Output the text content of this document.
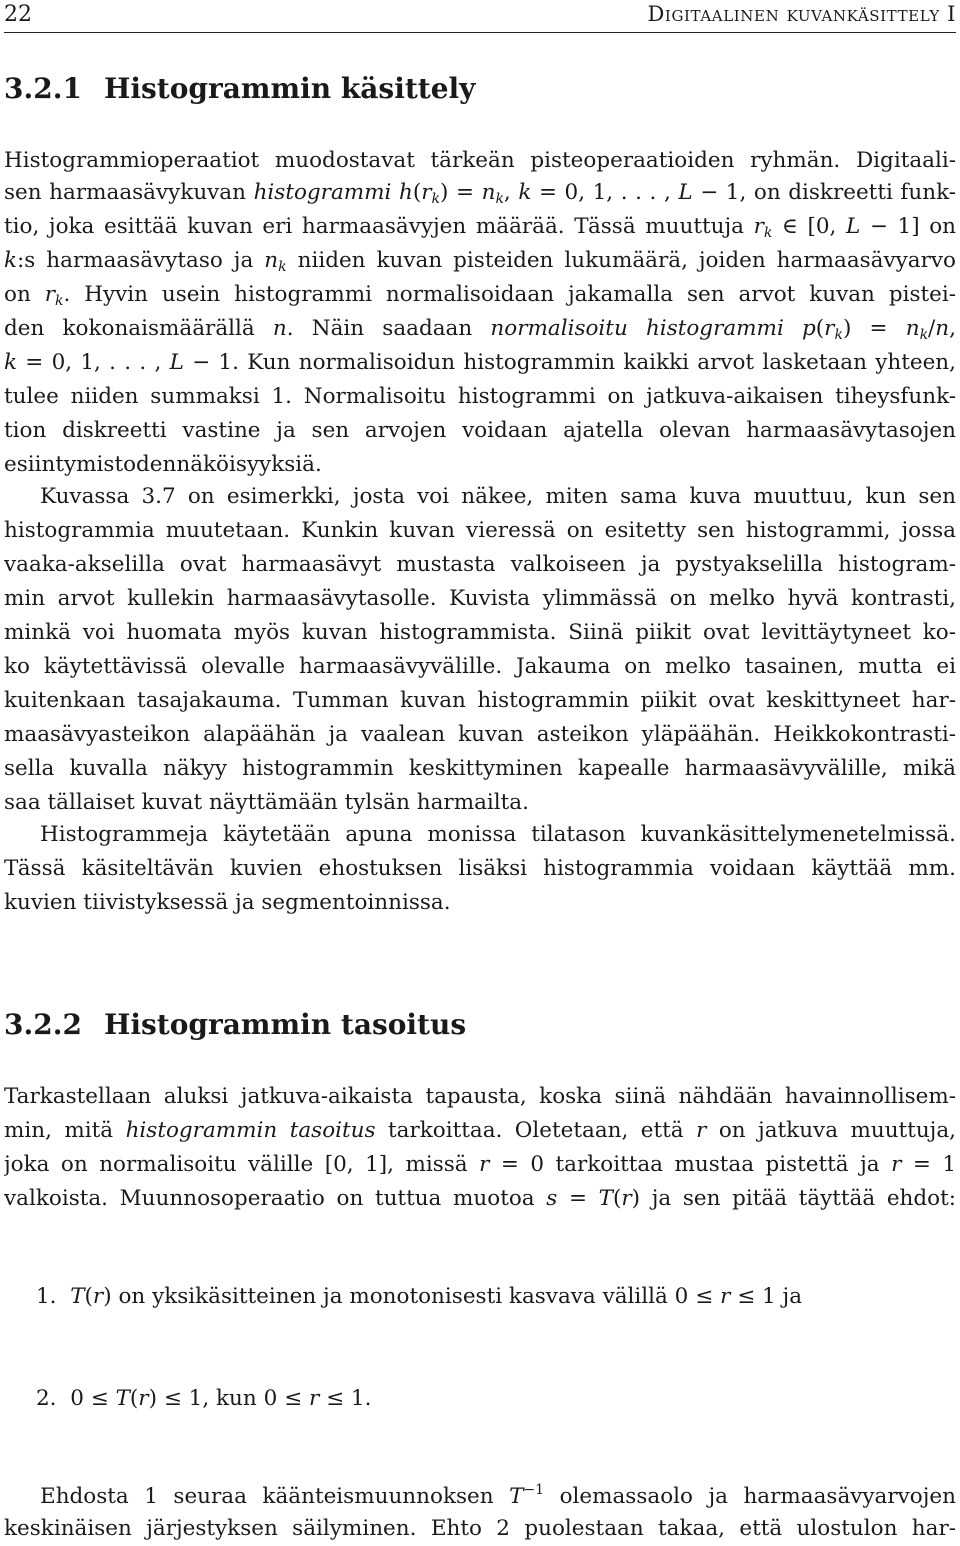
22	Digitaalinen kuvankäsittely I
3.2.1 Histogrammin käsittely
Histogrammioperaatiot muodostavat tärkeän pisteoperaatioiden ryhmän. Digitaali-
sen harmaasävykuvan histogrammi $h(r_k) = n_k$, k = 0, 1, . . . , L − 1, on diskreetti funk-
tio, joka esittää kuvan eri harmaasävyjen määrää. Tässä muuttuja $r_k$ ∈ [0, L − 1] on
k:s harmaasävytaso ja $n_k$ niiden kuvan pisteiden lukumäärä, joiden harmaasävyarvo
on $r_k$. Hyvin usein histogrammi normalisoidaan jakamalla sen arvot kuvan pistei-
den kokonaismäärällä n. Näin saadaan normalisoitu histogrammi $p(r_k) = n_k/n$,
k = 0, 1, . . . , L − 1. Kun normalisoidun histogrammin kaikki arvot lasketaan yhteen,
tulee niiden summaksi 1. Normalisoitu histogrammi on jatkuva-aikaisen tiheysfunk-
tion diskreetti vastine ja sen arvojen voidaan ajatella olevan harmaasävytasojen
esiintymistodennäköisyyksiä.
Kuvassa 3.7 on esimerkki, josta voi näkee, miten sama kuva muuttuu, kun sen
histogrammia muutetaan. Kunkin kuvan vieressä on esitetty sen histogrammi, jossa
vaaka-akselilla ovat harmaasävyt mustasta valkoiseen ja pystyakselilla histogram-
min arvot kullekin harmaasävytasolle. Kuvista ylimmässä on melko hyvä kontrasti,
minkä voi huomata myös kuvan histogrammista. Siinä piikit ovat levittäytyneet ko-
ko käytettävissä olevalle harmaasävyvälille. Jakauma on melko tasainen, mutta ei
kuitenkaan tasajakauma. Tumman kuvan histogrammin piikit ovat keskittyneet har-
maasävyasteikon alapäähän ja vaalean kuvan asteikon yläpäähän. Heikkokontrasti-
sella kuvalla näkyy histogrammin keskittyminen kapealle harmaasävyvälille, mikä
saa tällaiset kuvat näyttämään tylsän harmailta.
Histogrammeja käytetään apuna monissa tilatason kuvankäsittelymenetelmissä.
Tässä käsiteltävän kuvien ehostuksen lisäksi histogrammia voidaan käyttää mm.
kuvien tiivistyksessä ja segmentoinnissa.
3.2.2 Histogrammin tasoitus
Tarkastellaan aluksi jatkuva-aikaista tapausta, koska siinä nähdään havainnollisem-
min, mitä histogrammin tasoitus tarkoittaa. Oletetaan, että r on jatkuva muuttuja,
joka on normalisoitu välille [0, 1], missä r = 0 tarkoittaa mustaa pistettä ja r = 1
valkoista. Muunnosoperaatio on tuttua muotoa s = T(r) ja sen pitää täyttää ehdot:
1. T(r) on yksikäsitteinen ja monotonisesti kasvava välillä 0 ≤ r ≤ 1 ja
2. 0 ≤ T(r) ≤ 1, kun 0 ≤ r ≤ 1.
Ehdosta 1 seuraa käänteismuunnoksen $T^{-1}$ olemassaolo ja harmaasävyarvojen
keskinäisen järjestyksen säilyminen. Ehto 2 puolestaan takaa, että ulostulon har-
